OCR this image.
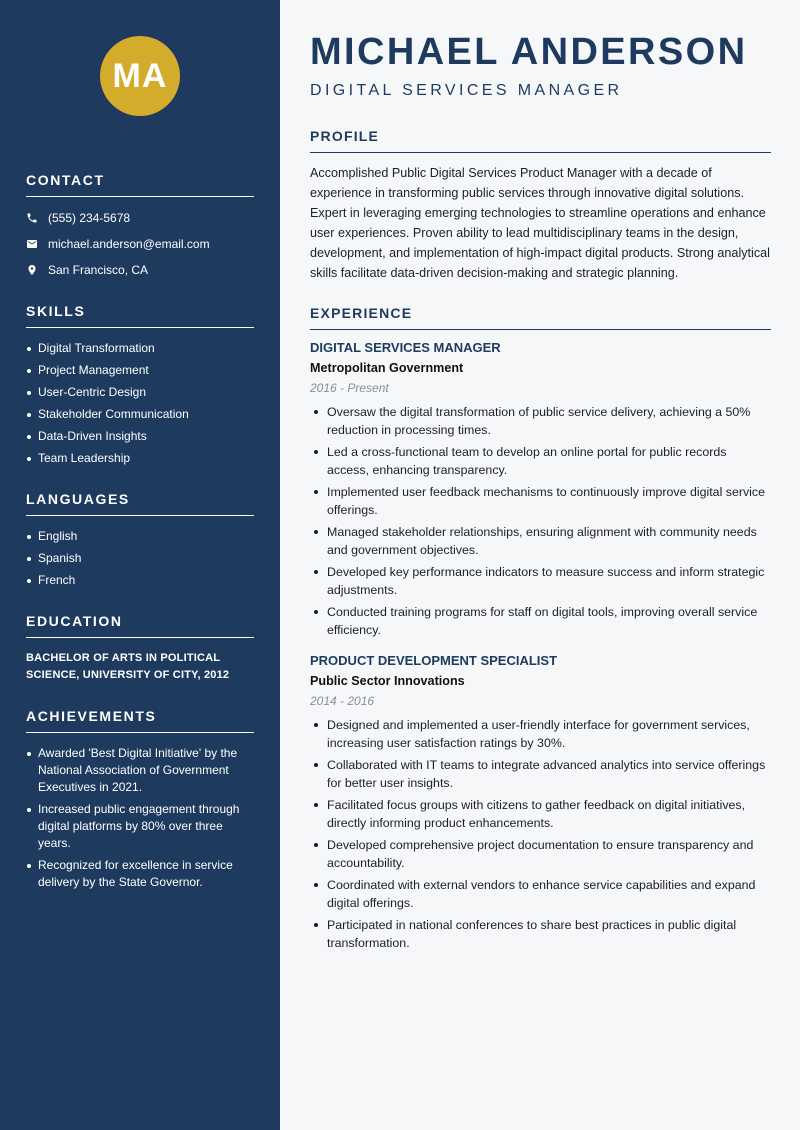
MA
CONTACT
(555) 234-5678
michael.anderson@email.com
San Francisco, CA
SKILLS
Digital Transformation
Project Management
User-Centric Design
Stakeholder Communication
Data-Driven Insights
Team Leadership
LANGUAGES
English
Spanish
French
EDUCATION

BACHELOR OF ARTS IN POLITICAL SCIENCE, UNIVERSITY OF CITY, 2012

ACHIEVEMENTS
Awarded 'Best Digital Initiative' by the National Association of Government Executives in 2021.
Increased public engagement through digital platforms by 80% over three years.
Recognized for excellence in service delivery by the State Governor.
MICHAEL ANDERSON
DIGITAL SERVICES MANAGER
PROFILE

Accomplished Public Digital Services Product Manager with a decade of experience in transforming public services through innovative digital solutions. Expert in leveraging emerging technologies to streamline operations and enhance user experiences. Proven ability to lead multidisciplinary teams in the design, development, and implementation of high-impact digital products. Strong analytical skills facilitate data-driven decision-making and strategic planning.

EXPERIENCE
DIGITAL SERVICES MANAGER
Metropolitan Government
2016 - Present
Oversaw the digital transformation of public service delivery, achieving a 50% reduction in processing times.
Led a cross-functional team to develop an online portal for public records access, enhancing transparency.
Implemented user feedback mechanisms to continuously improve digital service offerings.
Managed stakeholder relationships, ensuring alignment with community needs and government objectives.
Developed key performance indicators to measure success and inform strategic adjustments.
Conducted training programs for staff on digital tools, improving overall service efficiency.
PRODUCT DEVELOPMENT SPECIALIST
Public Sector Innovations
2014 - 2016
Designed and implemented a user-friendly interface for government services, increasing user satisfaction ratings by 30%.
Collaborated with IT teams to integrate advanced analytics into service offerings for better user insights.
Facilitated focus groups with citizens to gather feedback on digital initiatives, directly informing product enhancements.
Developed comprehensive project documentation to ensure transparency and accountability.
Coordinated with external vendors to enhance service capabilities and expand digital offerings.
Participated in national conferences to share best practices in public digital transformation.
